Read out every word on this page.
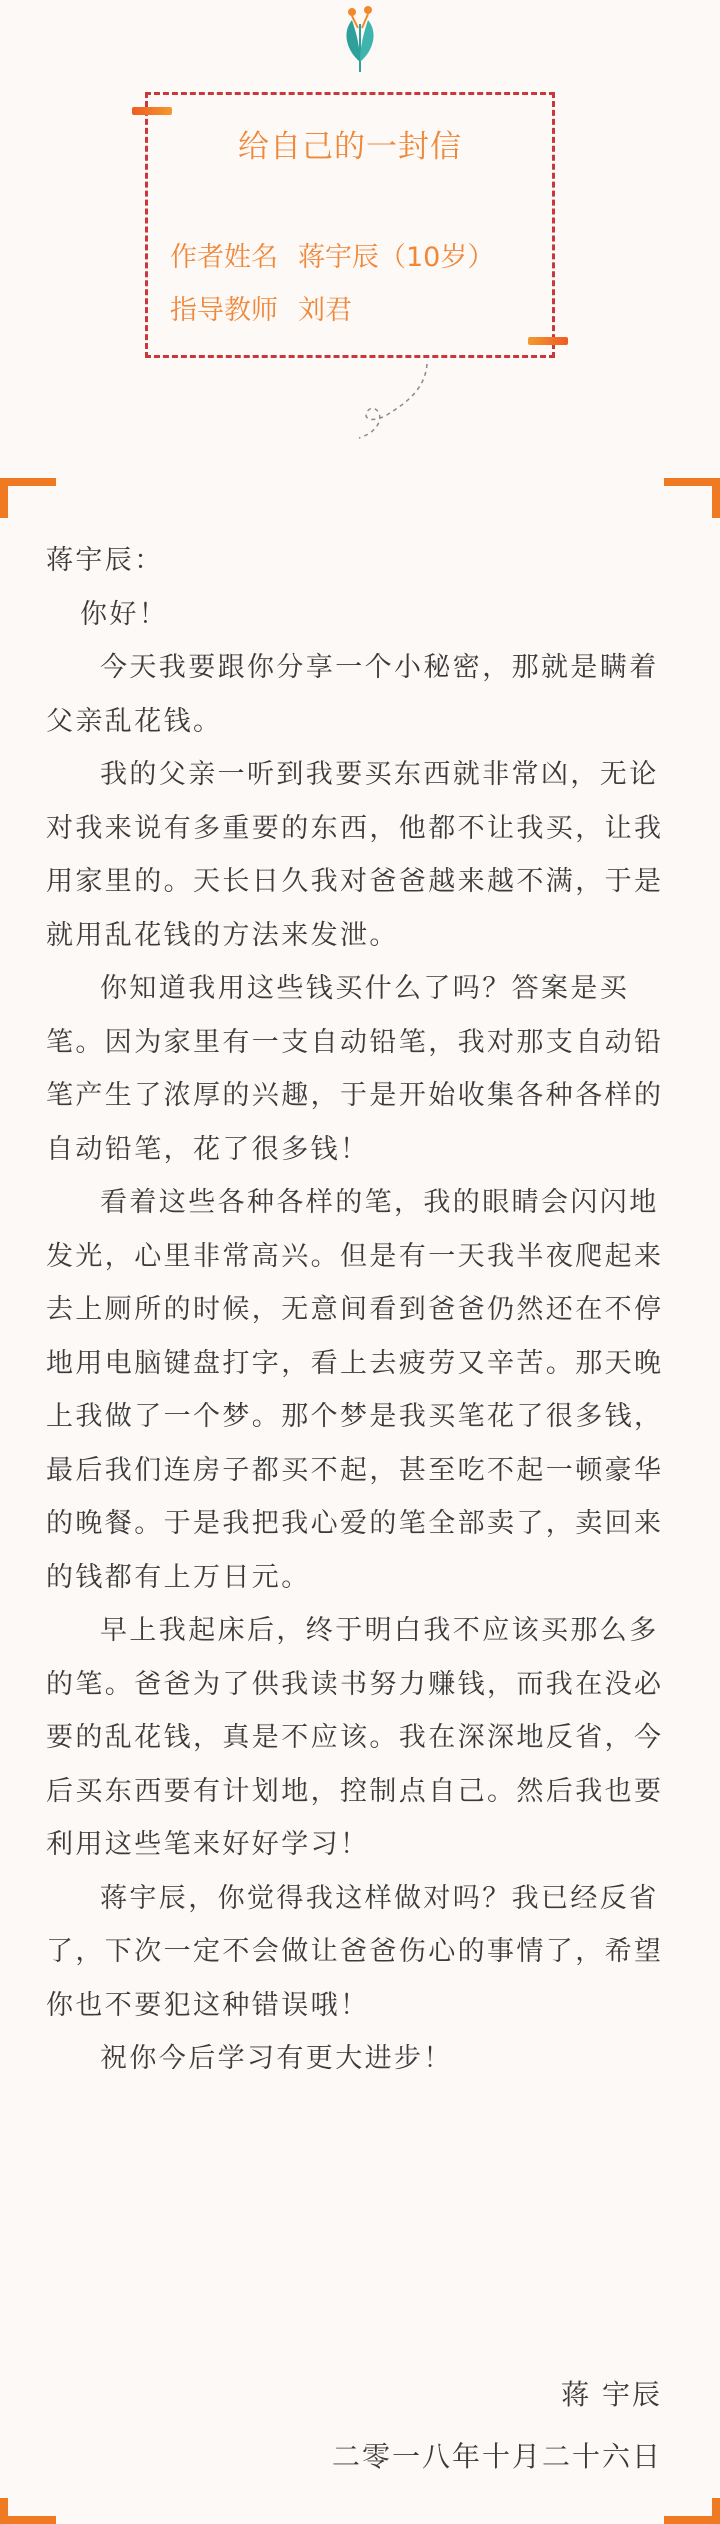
给自己的一封信
作者姓名 蒋宇辰（10岁）
指导教师 刘君

蒋宇辰：

你好！

今天我要跟你分享一个小秘密，那就是瞒着父亲乱花钱。

我的父亲一听到我要买东西就非常凶，无论对我来说有多重要的东西，他都不让我买，让我用家里的。天长日久我对爸爸越来越不满，于是就用乱花钱的方法来发泄。

你知道我用这些钱买什么了吗？答案是买笔。因为家里有一支自动铅笔，我对那支自动铅笔产生了浓厚的兴趣，于是开始收集各种各样的自动铅笔，花了很多钱！

看着这些各种各样的笔，我的眼睛会闪闪地发光，心里非常高兴。但是有一天我半夜爬起来去上厕所的时候，无意间看到爸爸仍然还在不停地用电脑键盘打字，看上去疲劳又辛苦。那天晚上我做了一个梦。那个梦是我买笔花了很多钱，最后我们连房子都买不起，甚至吃不起一顿豪华的晚餐。于是我把我心爱的笔全部卖了，卖回来的钱都有上万日元。

早上我起床后，终于明白我不应该买那么多的笔。爸爸为了供我读书努力赚钱，而我在没必要的乱花钱，真是不应该。我在深深地反省，今后买东西要有计划地，控制点自己。然后我也要利用这些笔来好好学习！

蒋宇辰，你觉得我这样做对吗？我已经反省了，下次一定不会做让爸爸伤心的事情了，希望你也不要犯这种错误哦！

祝你今后学习有更大进步！

蒋 宇辰
二零一八年十月二十六日
